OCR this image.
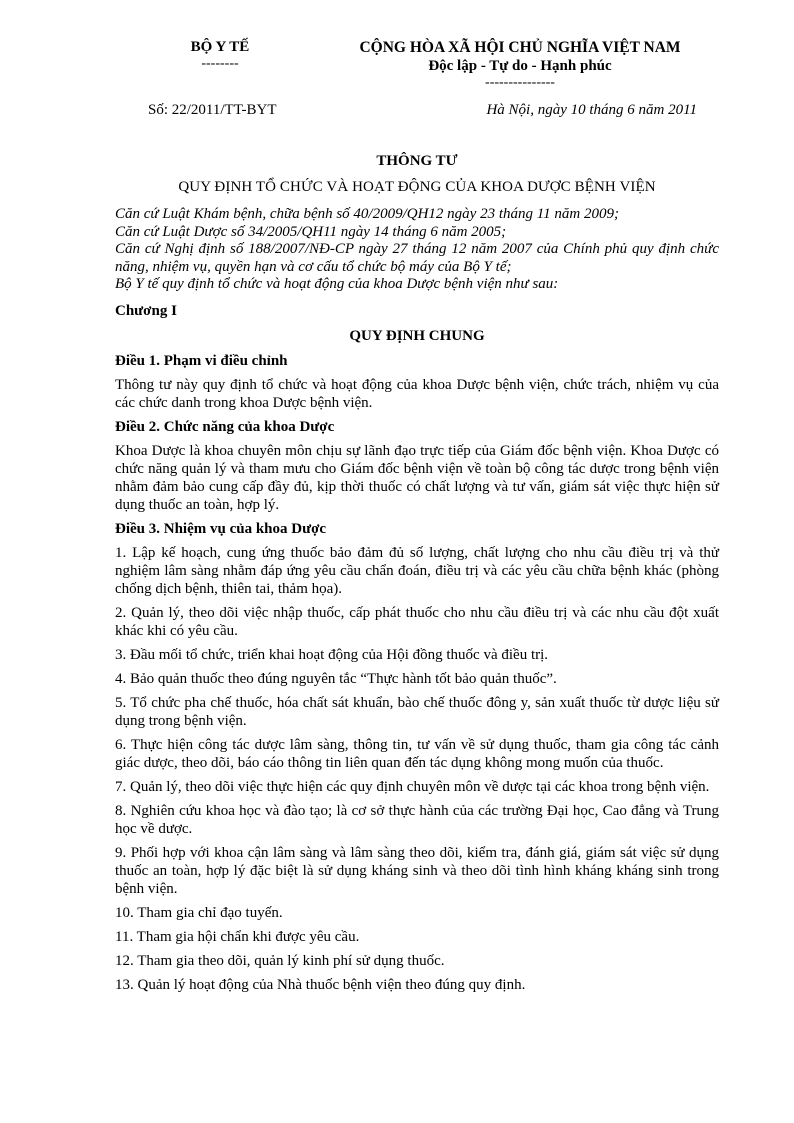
BỘ Y TẾ
--------
CỘNG HÒA XÃ HỘI CHỦ NGHĨA VIỆT NAM
Độc lập - Tự do - Hạnh phúc
---------------
Số: 22/2011/TT-BYT	Hà Nội, ngày 10 tháng 6 năm 2011
THÔNG TƯ
QUY ĐỊNH TỔ CHỨC VÀ HOẠT ĐỘNG CỦA KHOA DƯỢC BỆNH VIỆN

Căn cứ Luật Khám bệnh, chữa bệnh số 40/2009/QH12 ngày 23 tháng 11 năm 2009;

Căn cứ Luật Dược số 34/2005/QH11 ngày 14 tháng 6 năm 2005;

Căn cứ Nghị định số 188/2007/NĐ-CP ngày 27 tháng 12 năm 2007 của Chính phủ quy định chức năng, nhiệm vụ, quyền hạn và cơ cấu tổ chức bộ máy của Bộ Y tế;

Bộ Y tế quy định tổ chức và hoạt động của khoa Dược bệnh viện như sau:

Chương I
QUY ĐỊNH CHUNG
Điều 1. Phạm vi điều chỉnh

Thông tư này quy định tổ chức và hoạt động của khoa Dược bệnh viện, chức trách, nhiệm vụ của các chức danh trong khoa Dược bệnh viện.

Điều 2. Chức năng của khoa Dược

Khoa Dược là khoa chuyên môn chịu sự lãnh đạo trực tiếp của Giám đốc bệnh viện. Khoa Dược có chức năng quản lý và tham mưu cho Giám đốc bệnh viện về toàn bộ công tác dược trong bệnh viện nhằm đảm bảo cung cấp đầy đủ, kịp thời thuốc có chất lượng và tư vấn, giám sát việc thực hiện sử dụng thuốc an toàn, hợp lý.

Điều 3. Nhiệm vụ của khoa Dược

1. Lập kế hoạch, cung ứng thuốc bảo đảm đủ số lượng, chất lượng cho nhu cầu điều trị và thử nghiệm lâm sàng nhằm đáp ứng yêu cầu chẩn đoán, điều trị và các yêu cầu chữa bệnh khác (phòng chống dịch bệnh, thiên tai, thảm họa).

2. Quản lý, theo dõi việc nhập thuốc, cấp phát thuốc cho nhu cầu điều trị và các nhu cầu đột xuất khác khi có yêu cầu.

3. Đầu mối tổ chức, triển khai hoạt động của Hội đồng thuốc và điều trị.

4. Bảo quản thuốc theo đúng nguyên tắc “Thực hành tốt bảo quản thuốc”.

5. Tổ chức pha chế thuốc, hóa chất sát khuẩn, bào chế thuốc đông y, sản xuất thuốc từ dược liệu sử dụng trong bệnh viện.

6. Thực hiện công tác dược lâm sàng, thông tin, tư vấn về sử dụng thuốc, tham gia công tác cảnh giác dược, theo dõi, báo cáo thông tin liên quan đến tác dụng không mong muốn của thuốc.

7. Quản lý, theo dõi việc thực hiện các quy định chuyên môn về dược tại các khoa trong bệnh viện.

8. Nghiên cứu khoa học và đào tạo; là cơ sở thực hành của các trường Đại học, Cao đẳng và Trung học về dược.

9. Phối hợp với khoa cận lâm sàng và lâm sàng theo dõi, kiểm tra, đánh giá, giám sát việc sử dụng thuốc an toàn, hợp lý đặc biệt là sử dụng kháng sinh và theo dõi tình hình kháng kháng sinh trong bệnh viện.

10. Tham gia chỉ đạo tuyến.

11. Tham gia hội chẩn khi được yêu cầu.

12. Tham gia theo dõi, quản lý kinh phí sử dụng thuốc.

13. Quản lý hoạt động của Nhà thuốc bệnh viện theo đúng quy định.
